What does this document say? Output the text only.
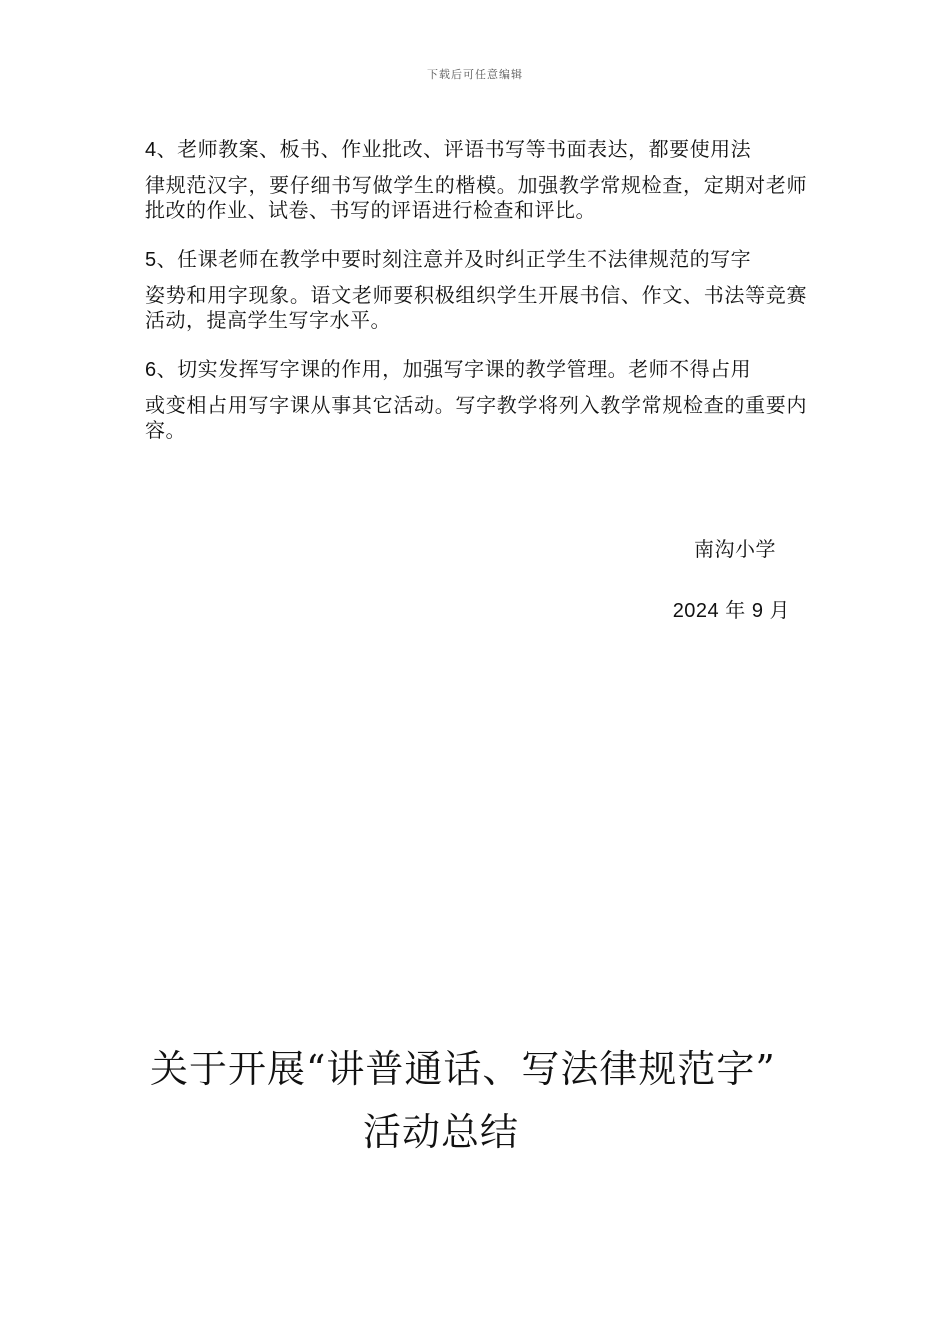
下载后可任意编辑
4、老师教案、板书、作业批改、评语书写等书面表达，都要使用法
律规范汉字，要仔细书写做学生的楷模。加强教学常规检查，定期对老师批改的作业、试卷、书写的评语进行检查和评比。
5、任课老师在教学中要时刻注意并及时纠正学生不法律规范的写字
姿势和用字现象。语文老师要积极组织学生开展书信、作文、书法等竞赛活动，提高学生写字水平。
6、切实发挥写字课的作用，加强写字课的教学管理。老师不得占用
或变相占用写字课从事其它活动。写字教学将列入教学常规检查的重要内容。
南沟小学
2024 年 9 月
关于开展“讲普通话、写法律规范字”
活动总结
